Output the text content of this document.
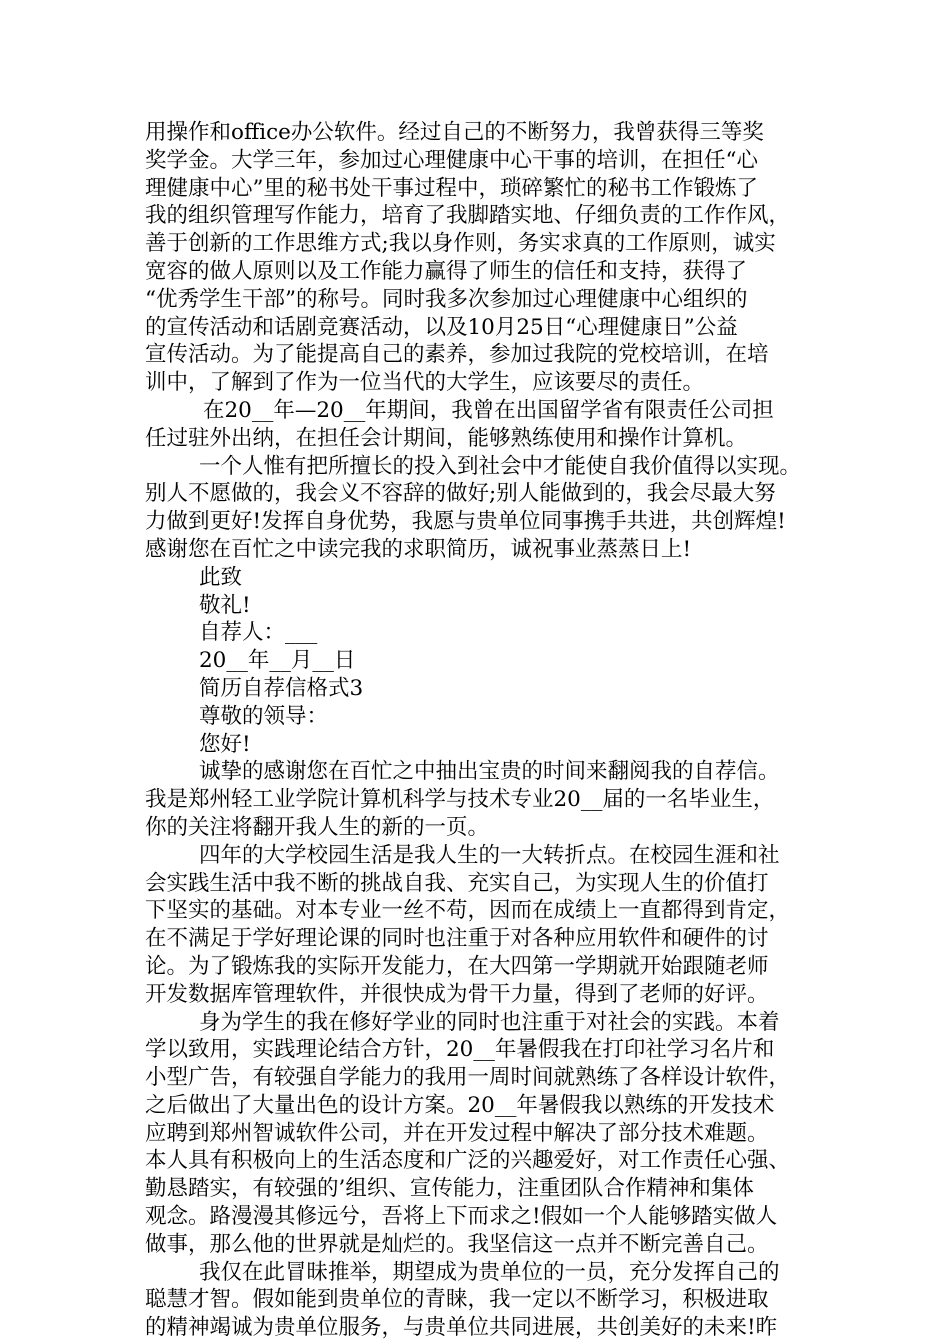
用操作和office办公软件。经过自己的不断努力，我曾获得三等奖
奖学金。大学三年，参加过心理健康中心干事的培训，在担任“心
理健康中心”里的秘书处干事过程中，琐碎繁忙的秘书工作锻炼了
我的组织管理写作能力，培育了我脚踏实地、仔细负责的工作作风，
善于创新的工作思维方式;我以身作则，务实求真的工作原则，诚实
宽容的做人原则以及工作能力赢得了师生的信任和支持，获得了
“优秀学生干部”的称号。同时我多次参加过心理健康中心组织的
的宣传活动和话剧竞赛活动，以及10月25日“心理健康日”公益
宣传活动。为了能提高自己的素养，参加过我院的党校培训，在培
训中，了解到了作为一位当代的大学生，应该要尽的责任。
在20__年—20__年期间，我曾在出国留学省有限责任公司担
任过驻外出纳，在担任会计期间，能够熟练使用和操作计算机。
一个人惟有把所擅长的投入到社会中才能使自我价值得以实现。
别人不愿做的，我会义不容辞的做好;别人能做到的，我会尽最大努
力做到更好!发挥自身优势，我愿与贵单位同事携手共进，共创辉煌!
感谢您在百忙之中读完我的求职简历，诚祝事业蒸蒸日上!
此致
敬礼!
自荐人：___
20__年__月__日
简历自荐信格式3
尊敬的领导：
您好!
诚挚的感谢您在百忙之中抽出宝贵的时间来翻阅我的自荐信。
我是郑州轻工业学院计算机科学与技术专业20__届的一名毕业生，
你的关注将翻开我人生的新的一页。
四年的大学校园生活是我人生的一大转折点。在校园生涯和社
会实践生活中我不断的挑战自我、充实自己，为实现人生的价值打
下坚实的基础。对本专业一丝不苟，因而在成绩上一直都得到肯定，
在不满足于学好理论课的同时也注重于对各种应用软件和硬件的讨
论。为了锻炼我的实际开发能力，在大四第一学期就开始跟随老师
开发数据库管理软件，并很快成为骨干力量，得到了老师的好评。
身为学生的我在修好学业的同时也注重于对社会的实践。本着
学以致用，实践理论结合方针，20__年暑假我在打印社学习名片和
小型广告，有较强自学能力的我用一周时间就熟练了各样设计软件，
之后做出了大量出色的设计方案。20__年暑假我以熟练的开发技术
应聘到郑州智诚软件公司，并在开发过程中解决了部分技术难题。
本人具有积极向上的生活态度和广泛的兴趣爱好，对工作责任心强、
勤恳踏实，有较强的’组织、宣传能力，注重团队合作精神和集体
观念。路漫漫其修远兮，吾将上下而求之!假如一个人能够踏实做人
做事，那么他的世界就是灿烂的。我坚信这一点并不断完善自己。
我仅在此冒昧推举，期望成为贵单位的一员，充分发挥自己的
聪慧才智。假如能到贵单位的青睐，我一定以不断学习，积极进取
的精神竭诚为贵单位服务，与贵单位共同进展，共创美好的未来!昨
